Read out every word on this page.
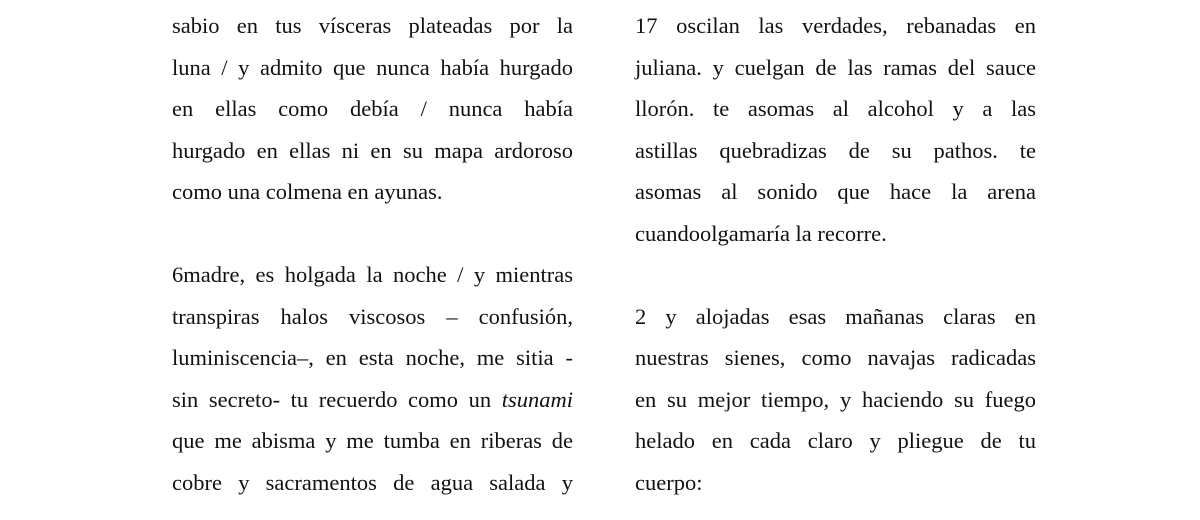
sabio en tus vísceras plateadas por la
luna / y admito que nunca había hurgado
en ellas como debía / nunca había
hurgado en ellas ni en su mapa ardoroso
como una colmena en ayunas.
6madre, es holgada la noche / y mientras
transpiras halos viscosos – confusión,
luminiscencia–, en esta noche, me sitia -
sin secreto- tu recuerdo como un tsunami
que me abisma y me tumba en riberas de
cobre y sacramentos de agua salada y
17 oscilan las verdades, rebanadas en
juliana. y cuelgan de las ramas del sauce
llorón. te asomas al alcohol y a las
astillas quebradizas de su pathos. te
asomas al sonido que hace la arena
cuandoolgamaría la recorre.
2 y alojadas esas mañanas claras en
nuestras sienes, como navajas radicadas
en su mejor tiempo, y haciendo su fuego
helado en cada claro y pliegue de tu
cuerpo:
